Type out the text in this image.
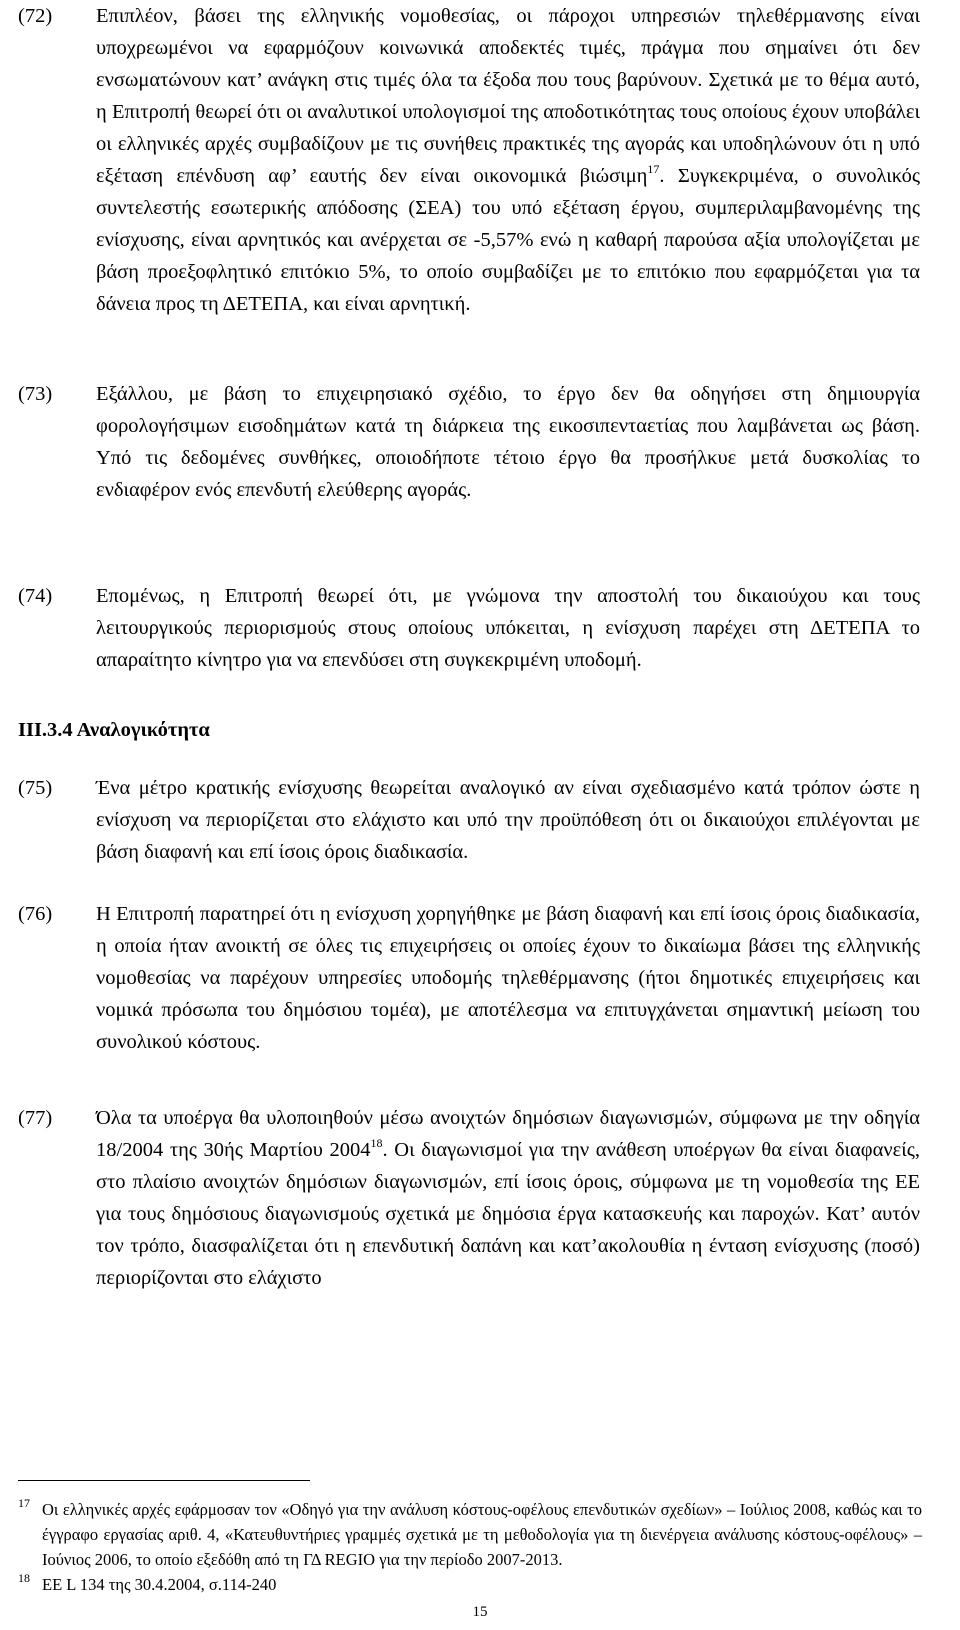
(72) Επιπλέον, βάσει της ελληνικής νομοθεσίας, οι πάροχοι υπηρεσιών τηλεθέρμανσης είναι υποχρεωμένοι να εφαρμόζουν κοινωνικά αποδεκτές τιμές, πράγμα που σημαίνει ότι δεν ενσωματώνουν κατ’ ανάγκη στις τιμές όλα τα έξοδα που τους βαρύνουν. Σχετικά με το θέμα αυτό, η Επιτροπή θεωρεί ότι οι αναλυτικοί υπολογισμοί της αποδοτικότητας τους οποίους έχουν υποβάλει οι ελληνικές αρχές συμβαδίζουν με τις συνήθεις πρακτικές της αγοράς και υποδηλώνουν ότι η υπό εξέταση επένδυση αφ’ εαυτής δεν είναι οικονομικά βιώσιμη$^{17}$. Συγκεκριμένα, ο συνολικός συντελεστής εσωτερικής απόδοσης (ΣΕΑ) του υπό εξέταση έργου, συμπεριλαμβανομένης της ενίσχυσης, είναι αρνητικός και ανέρχεται σε -5,57% ενώ η καθαρή παρούσα αξία υπολογίζεται με βάση προεξοφλητικό επιτόκιο 5%, το οποίο συμβαδίζει με το επιτόκιο που εφαρμόζεται για τα δάνεια προς τη ΔΕΤΕΠΑ, και είναι αρνητική.
(73) Εξάλλου, με βάση το επιχειρησιακό σχέδιο, το έργο δεν θα οδηγήσει στη δημιουργία φορολογήσιμων εισοδημάτων κατά τη διάρκεια της εικοσιπενταετίας που λαμβάνεται ως βάση. Υπό τις δεδομένες συνθήκες, οποιοδήποτε τέτοιο έργο θα προσήλκυε μετά δυσκολίας το ενδιαφέρον ενός επενδυτή ελεύθερης αγοράς.
(74) Επομένως, η Επιτροπή θεωρεί ότι, με γνώμονα την αποστολή του δικαιούχου και τους λειτουργικούς περιορισμούς στους οποίους υπόκειται, η ενίσχυση παρέχει στη ΔΕΤΕΠΑ το απαραίτητο κίνητρο για να επενδύσει στη συγκεκριμένη υποδομή.
ΙΙΙ.3.4 Αναλογικότητα
(75) Ένα μέτρο κρατικής ενίσχυσης θεωρείται αναλογικό αν είναι σχεδιασμένο κατά τρόπον ώστε η ενίσχυση να περιορίζεται στο ελάχιστο και υπό την προϋπόθεση ότι οι δικαιούχοι επιλέγονται με βάση διαφανή και επί ίσοις όροις διαδικασία.
(76) Η Επιτροπή παρατηρεί ότι η ενίσχυση χορηγήθηκε με βάση διαφανή και επί ίσοις όροις διαδικασία, η οποία ήταν ανοικτή σε όλες τις επιχειρήσεις οι οποίες έχουν το δικαίωμα βάσει της ελληνικής νομοθεσίας να παρέχουν υπηρεσίες υποδομής τηλεθέρμανσης (ήτοι δημοτικές επιχειρήσεις και νομικά πρόσωπα του δημόσιου τομέα), με αποτέλεσμα να επιτυγχάνεται σημαντική μείωση του συνολικού κόστους.
(77) Όλα τα υποέργα θα υλοποιηθούν μέσω ανοιχτών δημόσιων διαγωνισμών, σύμφωνα με την οδηγία 18/2004 της 30ής Μαρτίου 2004$^{18}$. Οι διαγωνισμοί για την ανάθεση υποέργων θα είναι διαφανείς, στο πλαίσιο ανοιχτών δημόσιων διαγωνισμών, επί ίσοις όροις, σύμφωνα με τη νομοθεσία της ΕΕ για τους δημόσιους διαγωνισμούς σχετικά με δημόσια έργα κατασκευής και παροχών. Κατ’ αυτόν τον τρόπο, διασφαλίζεται ότι η επενδυτική δαπάνη και κατ’ακολουθία η ένταση ενίσχυσης (ποσό) περιορίζονται στο ελάχιστο
17 Οι ελληνικές αρχές εφάρμοσαν τον «Οδηγό για την ανάλυση κόστους-οφέλους επενδυτικών σχεδίων» – Ιούλιος 2008, καθώς και το έγγραφο εργασίας αριθ. 4, «Κατευθυντήριες γραμμές σχετικά με τη μεθοδολογία για τη διενέργεια ανάλυσης κόστους-οφέλους» – Ιούνιος 2006, το οποίο εξεδόθη από τη ΓΔ REGIO για την περίοδο 2007-2013.
18 ΕΕ L 134 της 30.4.2004, σ.114-240
15
